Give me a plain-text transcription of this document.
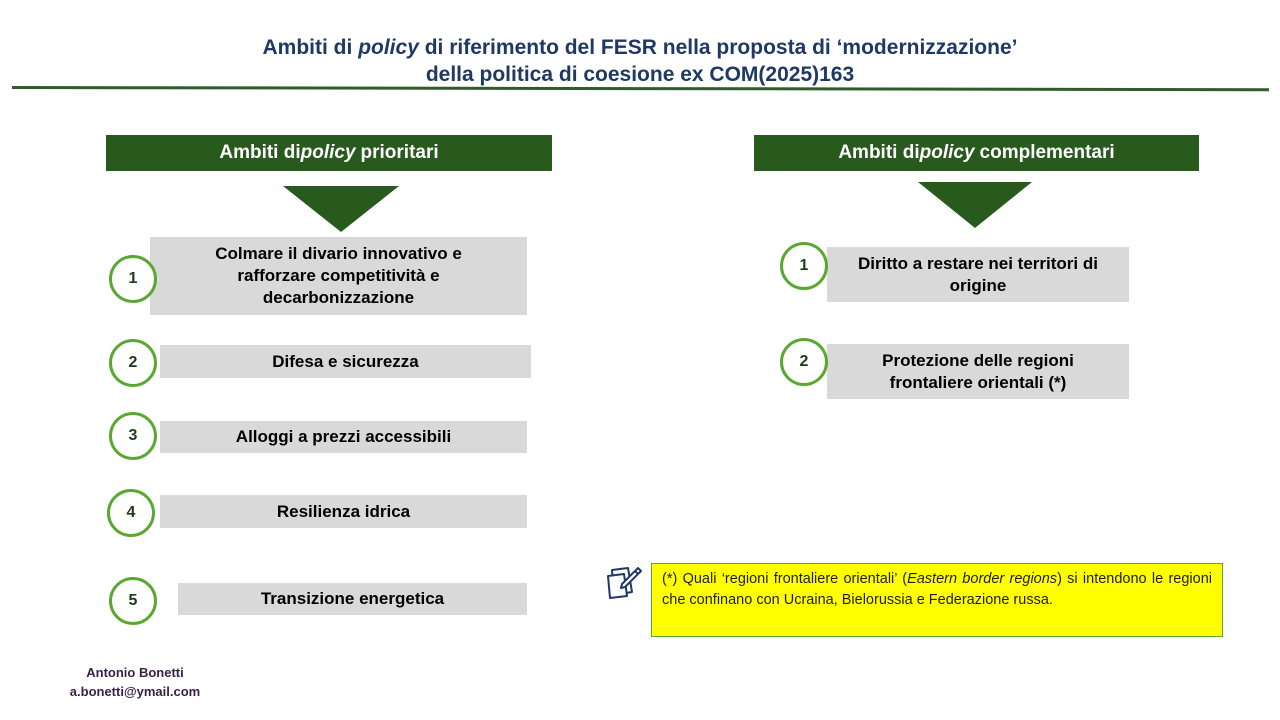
Ambiti di policy di riferimento del FESR nella proposta di ‘modernizzazione’
della politica di coesione ex COM(2025)163
Ambiti di policy prioritari
Colmare il divario innovativo e rafforzare competitività e decarbonizzazione
1
Difesa e sicurezza
2
Alloggi a prezzi accessibili
3
Resilienza idrica
4
Transizione energetica
5
Ambiti di policy complementari
Diritto a restare nei territori di origine
1
Protezione delle regioni frontaliere orientali (*)
2
(*) Quali ‘regioni frontaliere orientali’ (Eastern border regions) si intendono le regioni che confinano con Ucraina, Bielorussia e Federazione russa.
Antonio Bonetti
a.bonetti@ymail.com
